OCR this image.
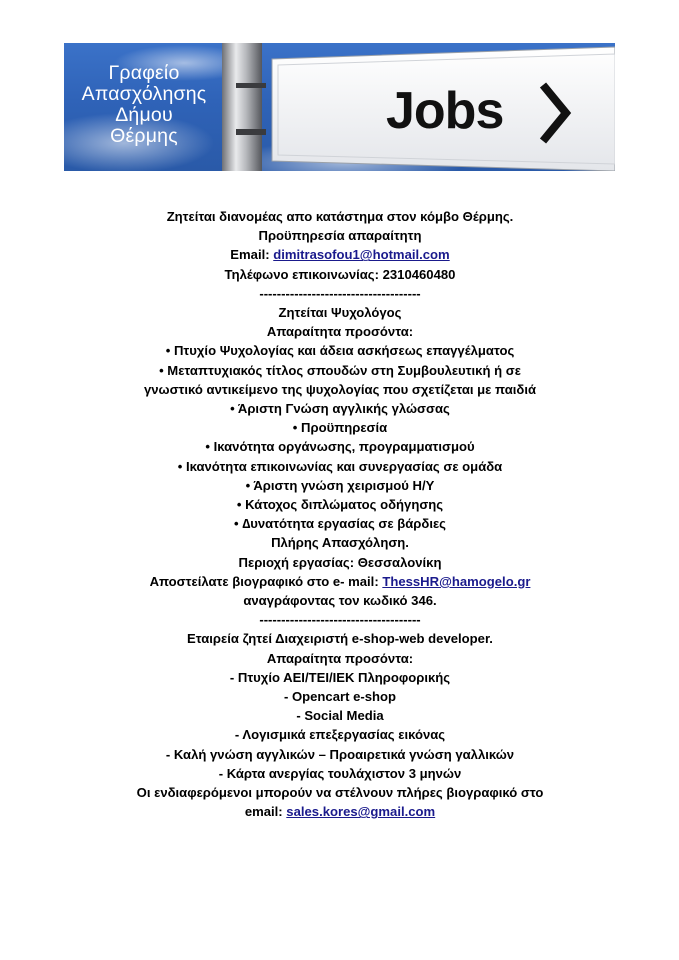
Γραφείο
Απασχόλησης
Δήμου
Θέρμης	Jobs
Ζητείται διανομέας απο κατάστημα στον κόμβο Θέρμης.
Προϋπηρεσία απαραίτητη
Email: dimitrasofou1@hotmail.com
Τηλέφωνο επικοινωνίας: 2310460480
-------------------------------------
Ζητείται Ψυχολόγος
Απαραίτητα προσόντα:
• Πτυχίο Ψυχολογίας και άδεια ασκήσεως επαγγέλματος
• Μεταπτυχιακός τίτλος σπουδών στη Συμβουλευτική ή σε
γνωστικό αντικείμενο της ψυχολογίας που σχετίζεται με παιδιά
• Άριστη Γνώση αγγλικής γλώσσας
• Προϋπηρεσία
• Ικανότητα οργάνωσης, προγραμματισμού
• Ικανότητα επικοινωνίας και συνεργασίας σε ομάδα
• Άριστη γνώση χειρισμού Η/Υ
• Κάτοχος διπλώματος οδήγησης
• ∆υνατότητα εργασίας σε βάρδιες
Πλήρης Απασχόληση.
Περιοχή εργασίας: Θεσσαλονίκη
Αποστείλατε βιογραφικό στο e- mail: ThessHR@hamogelo.gr
αναγράφοντας τον κωδικό 346.
-------------------------------------
Εταιρεία ζητεί Διαχειριστή e-shop-web developer.
Απαραίτητα προσόντα:
- Πτυχίο ΑΕΙ/ΤΕΙ/ΙΕΚ Πληροφορικής
- Opencart e-shop
- Social Media
- Λογισμικά επεξεργασίας εικόνας
- Καλή γνώση αγγλικών – Προαιρετικά γνώση γαλλικών
- Κάρτα ανεργίας τουλάχιστον 3 μηνών
Οι ενδιαφερόμενοι μπορούν να στέλνουν πλήρες βιογραφικό στο
email: sales.kores@gmail.com
